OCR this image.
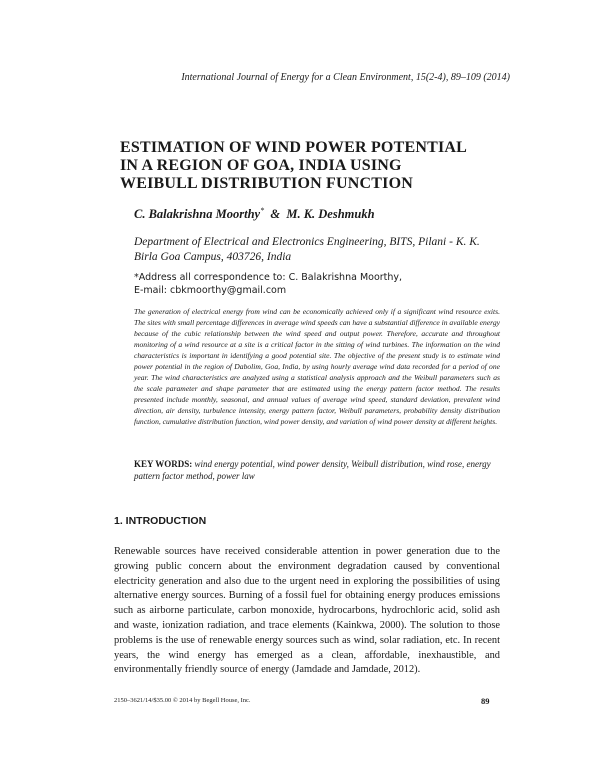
International Journal of Energy for a Clean Environment, 15(2-4), 89–109 (2014)
ESTIMATION OF WIND POWER POTENTIAL
IN A REGION OF GOA, INDIA USING
WEIBULL DISTRIBUTION FUNCTION
C. Balakrishna Moorthy* & M. K. Deshmukh
Department of Electrical and Electronics Engineering, BITS, Pilani - K. K. Birla Goa Campus, 403726, India
*Address all correspondence to: C. Balakrishna Moorthy,
E-mail: cbkmoorthy@gmail.com

The generation of electrical energy from wind can be economically achieved only if a significant wind resource exits. The sites with small percentage differences in average wind speeds can have a substantial difference in available energy because of the cubic relationship between the wind speed and output power. Therefore, accurate and throughout monitoring of a wind resource at a site is a critical factor in the sitting of wind turbines. The information on the wind characteristics is important in identifying a good potential site. The objective of the present study is to estimate wind power potential in the region of Dabolim, Goa, India, by using hourly average wind data recorded for a period of one year. The wind characteristics are analyzed using a statistical analysis approach and the Weibull parameters such as the scale parameter and shape parameter that are estimated using the energy pattern factor method. The results presented include monthly, seasonal, and annual values of average wind speed, standard deviation, prevalent wind direction, air density, turbulence intensity, energy pattern factor, Weibull parameters, probability density distribution function, cumulative distribution function, wind power density, and variation of wind power density at different heights.

KEY WORDS: wind energy potential, wind power density, Weibull distribution, wind rose, energy pattern factor method, power law

1. INTRODUCTION

Renewable sources have received considerable attention in power generation due to the growing public concern about the environment degradation caused by conventional electricity generation and also due to the urgent need in exploring the possibilities of using alternative energy sources. Burning of a fossil fuel for obtaining energy produces emissions such as airborne particulate, carbon monoxide, hydrocarbons, hydrochloric acid, solid ash and waste, ionization radiation, and trace elements (Kainkwa, 2000). The solution to those problems is the use of renewable energy sources such as wind, solar radiation, etc. In recent years, the wind energy has emerged as a clean, affordable, inexhaustible, and environmentally friendly source of energy (Jamdade and Jamdade, 2012).

2150–3621/14/$35.00 © 2014 by Begell House, Inc.	89
